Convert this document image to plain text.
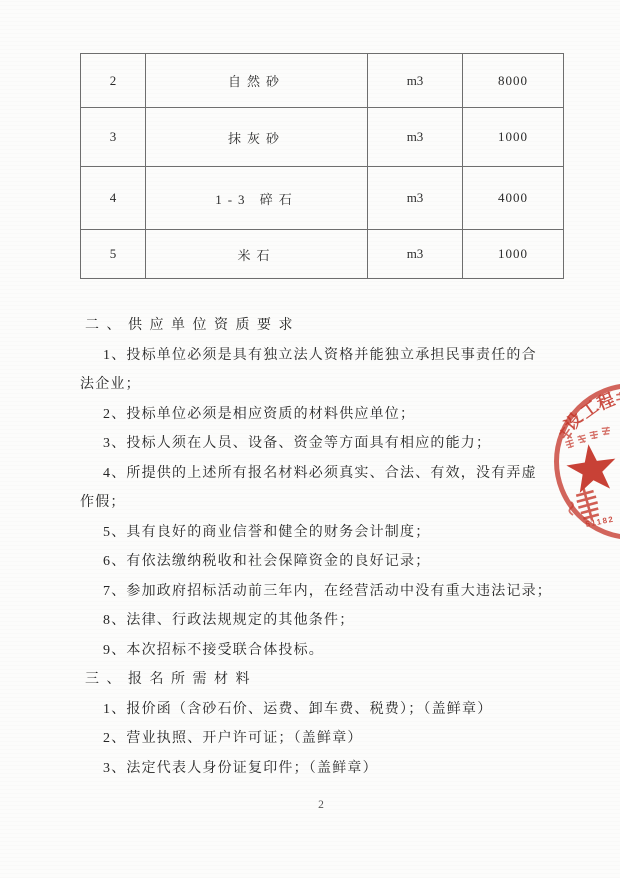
2	自然砂	m3	8000
3	抹灰砂	m3	1000
4	1-3 碎石	m3	4000
5	米石	m3	1000
二、供应单位资质要求
1、投标单位必须是具有独立法人资格并能独立承担民事责任的合
法企业；
2、投标单位必须是相应资质的材料供应单位；
3、投标人须在人员、设备、资金等方面具有相应的能力；
4、所提供的上述所有报名材料必须真实、合法、有效，没有弄虚
作假；
5、具有良好的商业信誉和健全的财务会计制度；
6、有依法缴纳税收和社会保障资金的良好记录；
7、参加政府招标活动前三年内，在经营活动中没有重大违法记录；
8、法律、行政法规规定的其他条件；
9、本次招标不接受联合体投标。
三、报名所需材料
1、报价函（含砂石价、运费、卸车费、税费）；（盖鲜章）
2、营业执照、开户许可证；（盖鲜章）
3、法定代表人身份证复印件；（盖鲜章）
2
设
工
程
51182
